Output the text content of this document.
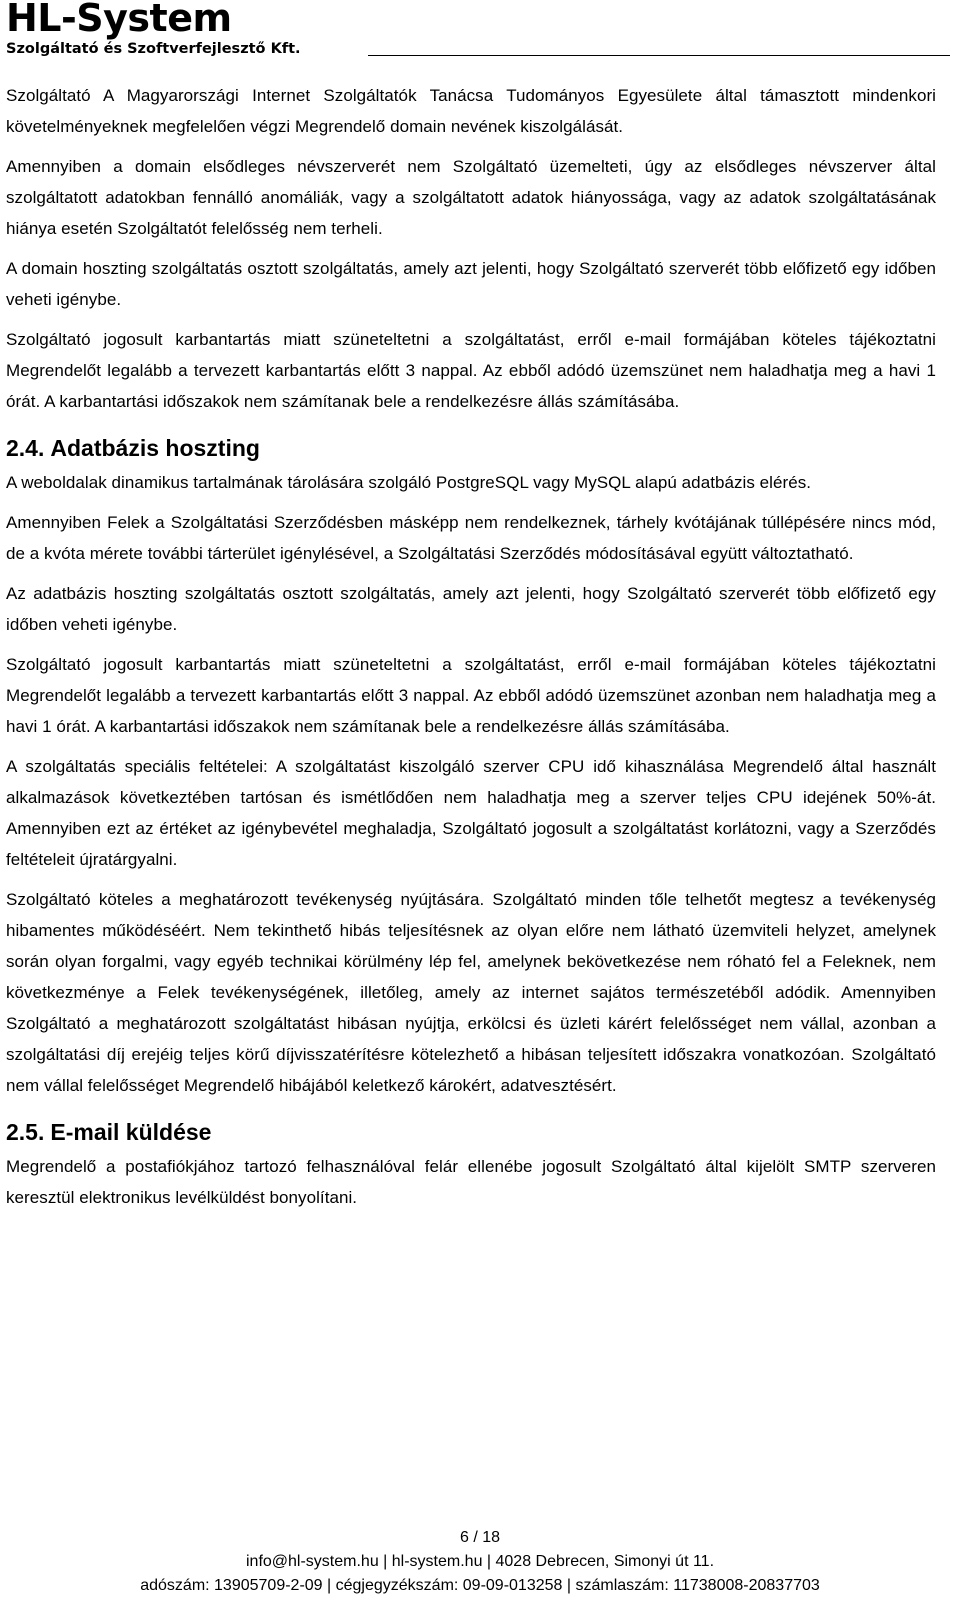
HL-System
Szolgáltató és Szoftverfejlesztő Kft.

Szolgáltató A Magyarországi Internet Szolgáltatók Tanácsa Tudományos Egyesülete által támasztott mindenkori követelményeknek megfelelően végzi Megrendelő domain nevének kiszolgálását.

Amennyiben a domain elsődleges névszerverét nem Szolgáltató üzemelteti, úgy az elsődleges névszerver által szolgáltatott adatokban fennálló anomáliák, vagy a szolgáltatott adatok hiányossága, vagy az adatok szolgáltatásának hiánya esetén Szolgáltatót felelősség nem terheli.

A domain hoszting szolgáltatás osztott szolgáltatás, amely azt jelenti, hogy Szolgáltató szerverét több előfizető egy időben veheti igénybe.

Szolgáltató jogosult karbantartás miatt szüneteltetni a szolgáltatást, erről e-mail formájában köteles tájékoztatni Megrendelőt legalább a tervezett karbantartás előtt 3 nappal. Az ebből adódó üzemszünet nem haladhatja meg a havi 1 órát. A karbantartási időszakok nem számítanak bele a rendelkezésre állás számításába.

2.4. Adatbázis hoszting

A weboldalak dinamikus tartalmának tárolására szolgáló PostgreSQL vagy MySQL alapú adatbázis elérés.

Amennyiben Felek a Szolgáltatási Szerződésben másképp nem rendelkeznek, tárhely kvótájának túllépésére nincs mód, de a kvóta mérete további tárterület igénylésével, a Szolgáltatási Szerződés módosításával együtt változtatható.

Az adatbázis hoszting szolgáltatás osztott szolgáltatás, amely azt jelenti, hogy Szolgáltató szerverét több előfizető egy időben veheti igénybe.

Szolgáltató jogosult karbantartás miatt szüneteltetni a szolgáltatást, erről e-mail formájában köteles tájékoztatni Megrendelőt legalább a tervezett karbantartás előtt 3 nappal. Az ebből adódó üzemszünet azonban nem haladhatja meg a havi 1 órát. A karbantartási időszakok nem számítanak bele a rendelkezésre állás számításába.

A szolgáltatás speciális feltételei: A szolgáltatást kiszolgáló szerver CPU idő kihasználása Megrendelő által használt alkalmazások következtében tartósan és ismétlődően nem haladhatja meg a szerver teljes CPU idejének 50%-át. Amennyiben ezt az értéket az igénybevétel meghaladja, Szolgáltató jogosult a szolgáltatást korlátozni, vagy a Szerződés feltételeit újratárgyalni.

Szolgáltató köteles a meghatározott tevékenység nyújtására. Szolgáltató minden tőle telhetőt megtesz a tevékenység hibamentes működéséért. Nem tekinthető hibás teljesítésnek az olyan előre nem látható üzemviteli helyzet, amelynek során olyan forgalmi, vagy egyéb technikai körülmény lép fel, amelynek bekövetkezése nem róható fel a Feleknek, nem következménye a Felek tevékenységének, illetőleg, amely az internet sajátos természetéből adódik. Amennyiben Szolgáltató a meghatározott szolgáltatást hibásan nyújtja, erkölcsi és üzleti kárért felelősséget nem vállal, azonban a szolgáltatási díj erejéig teljes körű díjvisszatérítésre kötelezhető a hibásan teljesített időszakra vonatkozóan. Szolgáltató nem vállal felelősséget Megrendelő hibájából keletkező károkért, adatvesztésért.

2.5. E-mail küldése

Megrendelő a postafiókjához tartozó felhasználóval felár ellenébe jogosult Szolgáltató által kijelölt SMTP szerveren keresztül elektronikus levélküldést bonyolítani.

6 / 18
info@hl-system.hu | hl-system.hu | 4028 Debrecen, Simonyi út 11.
adószám: 13905709-2-09 | cégjegyzékszám: 09-09-013258 | számlaszám: 11738008-20837703
